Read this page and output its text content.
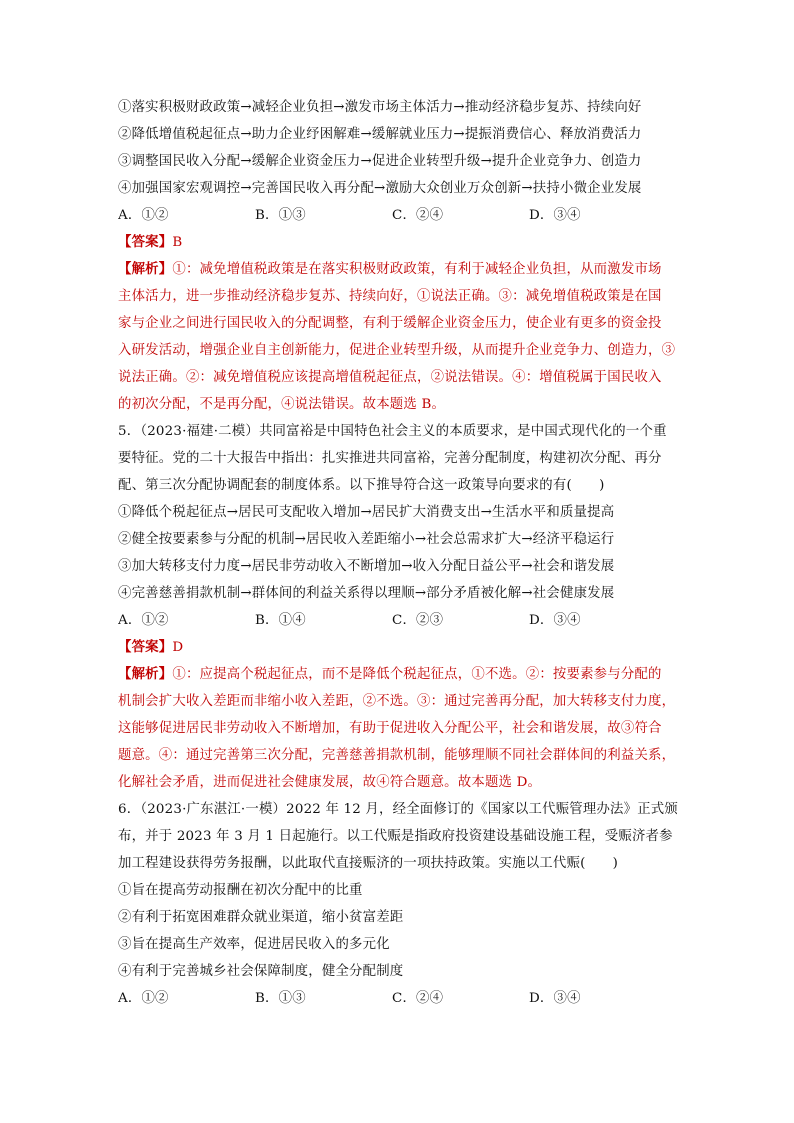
①落实积极财政政策→减轻企业负担→激发市场主体活力→推动经济稳步复苏、持续向好
②降低增值税起征点→助力企业纾困解难→缓解就业压力→提振消费信心、释放消费活力
③调整国民收入分配→缓解企业资金压力→促进企业转型升级→提升企业竞争力、创造力
④加强国家宏观调控→完善国民收入再分配→激励大众创业万众创新→扶持小微企业发展
A．①②	B．①③	C．②④	D．③④
【答案】B
【解析】①：减免增值税政策是在落实积极财政政策，有利于减轻企业负担，从而激发市场
主体活力，进一步推动经济稳步复苏、持续向好，①说法正确。③：减免增值税政策是在国
家与企业之间进行国民收入的分配调整，有利于缓解企业资金压力，使企业有更多的资金投
入研发活动，增强企业自主创新能力，促进企业转型升级，从而提升企业竞争力、创造力，③
说法正确。②：减免增值税应该提高增值税起征点，②说法错误。④：增值税属于国民收入
的初次分配，不是再分配，④说法错误。故本题选 B。
5．（2023·福建·二模）共同富裕是中国特色社会主义的本质要求，是中国式现代化的一个重
要特征。党的二十大报告中指出：扎实推进共同富裕，完善分配制度，构建初次分配、再分
配、第三次分配协调配套的制度体系。以下推导符合这一政策导向要求的有(　　)
①降低个税起征点→居民可支配收入增加→居民扩大消费支出→生活水平和质量提高
②健全按要素参与分配的机制→居民收入差距缩小→社会总需求扩大→经济平稳运行
③加大转移支付力度→居民非劳动收入不断增加→收入分配日益公平→社会和谐发展
④完善慈善捐款机制→群体间的利益关系得以理顺→部分矛盾被化解→社会健康发展
A．①②	B．①④	C．②③	D．③④
【答案】D
【解析】①：应提高个税起征点，而不是降低个税起征点，①不选。②：按要素参与分配的
机制会扩大收入差距而非缩小收入差距，②不选。③：通过完善再分配，加大转移支付力度，
这能够促进居民非劳动收入不断增加，有助于促进收入分配公平，社会和谐发展，故③符合
题意。④：通过完善第三次分配，完善慈善捐款机制，能够理顺不同社会群体间的利益关系，
化解社会矛盾，进而促进社会健康发展，故④符合题意。故本题选 D。
6．（2023·广东湛江·一模）2022 年 12 月，经全面修订的《国家以工代赈管理办法》正式颁
布，并于 2023 年 3 月 1 日起施行。以工代赈是指政府投资建设基础设施工程，受赈济者参
加工程建设获得劳务报酬，以此取代直接赈济的一项扶持政策。实施以工代赈(　　)
①旨在提高劳动报酬在初次分配中的比重
②有利于拓宽困难群众就业渠道，缩小贫富差距
③旨在提高生产效率，促进居民收入的多元化
④有利于完善城乡社会保障制度，健全分配制度
A．①②	B．①③	C．②④	D．③④
